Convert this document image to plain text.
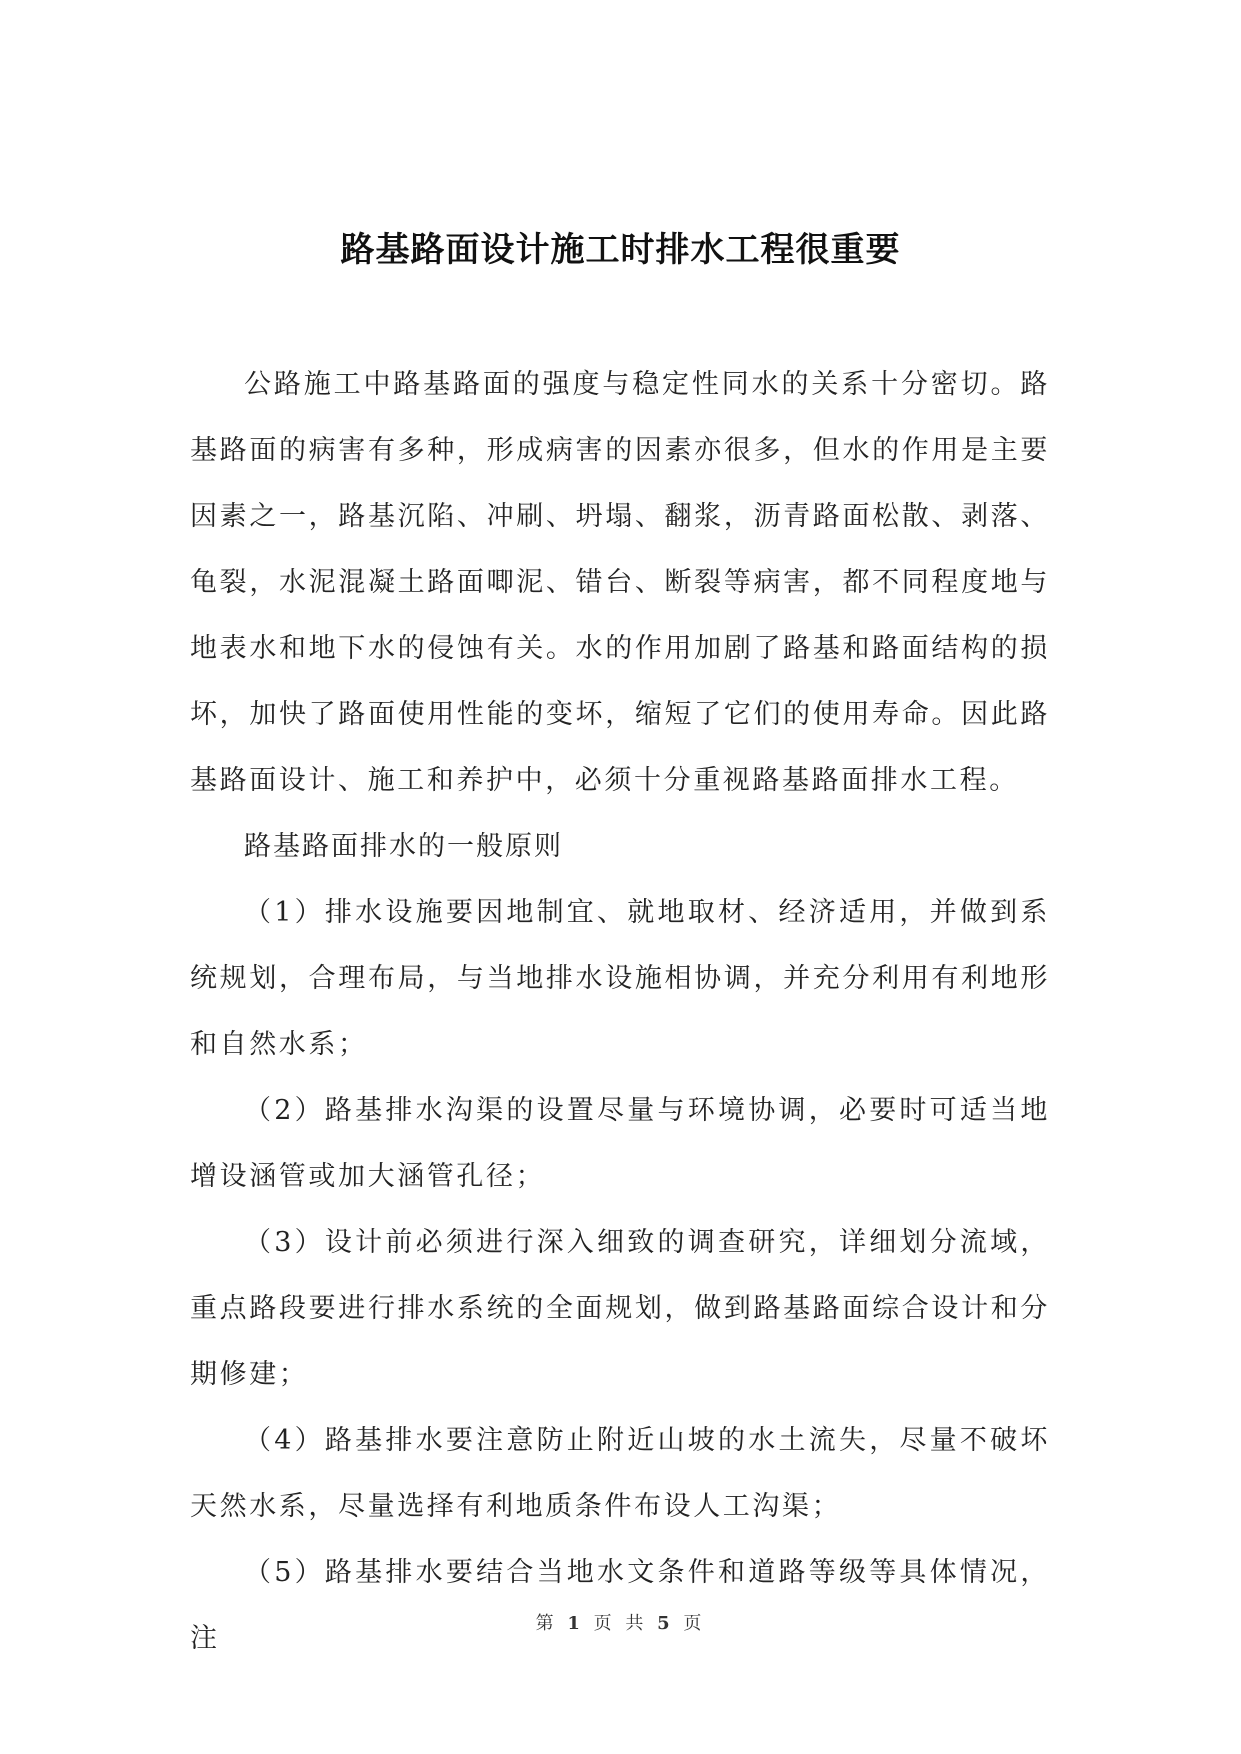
路基路面设计施工时排水工程很重要

公路施工中路基路面的强度与稳定性同水的关系十分密切。路基路面的病害有多种，形成病害的因素亦很多，但水的作用是主要因素之一，路基沉陷、冲刷、坍塌、翻浆，沥青路面松散、剥落、龟裂，水泥混凝土路面唧泥、错台、断裂等病害，都不同程度地与地表水和地下水的侵蚀有关。水的作用加剧了路基和路面结构的损坏，加快了路面使用性能的变坏，缩短了它们的使用寿命。因此路基路面设计、施工和养护中，必须十分重视路基路面排水工程。

路基路面排水的一般原则

（1）排水设施要因地制宜、就地取材、经济适用，并做到系统规划，合理布局，与当地排水设施相协调，并充分利用有利地形和自然水系；

（2）路基排水沟渠的设置尽量与环境协调，必要时可适当地增设涵管或加大涵管孔径；

（3）设计前必须进行深入细致的调查研究，详细划分流域，重点路段要进行排水系统的全面规划，做到路基路面综合设计和分期修建；

（4）路基排水要注意防止附近山坡的水土流失，尽量不破坏天然水系，尽量选择有利地质条件布设人工沟渠；

（5）路基排水要结合当地水文条件和道路等级等具体情况，注	第 1 页 共 5 页
